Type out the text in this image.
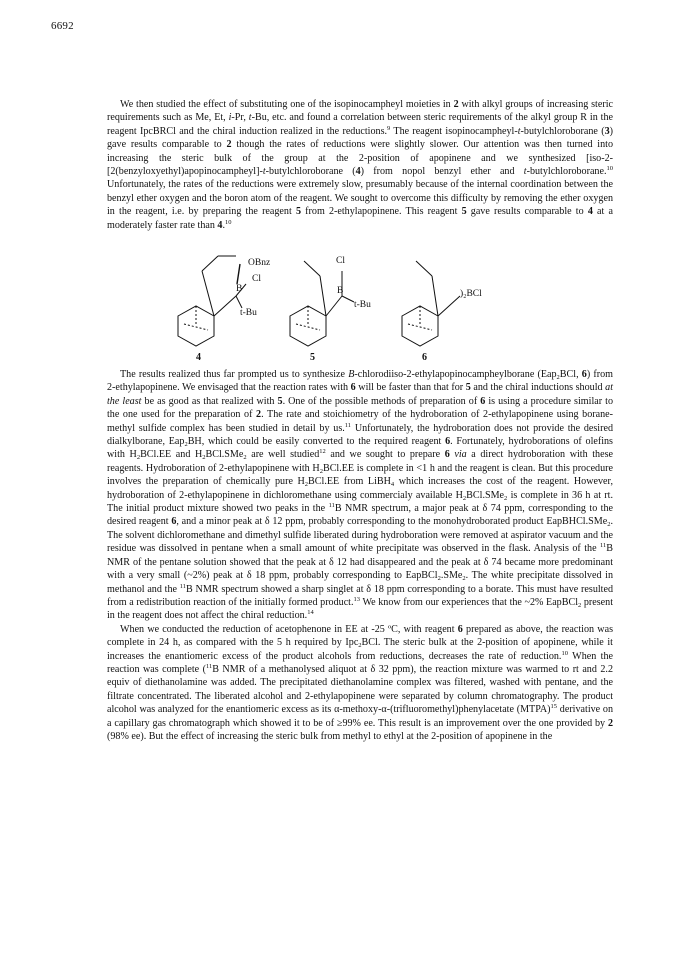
6692

We then studied the effect of substituting one of the isopinocampheyl moieties in 2 with alkyl groups of increasing steric requirements such as Me, Et, i-Pr, t-Bu, etc. and found a correlation between steric requirements of the alkyl group R in the reagent IpcBRCl and the chiral induction realized in the reductions.$^9$ The reagent isopinocampheyl-t-butylchloroborane (3) gave results comparable to 2 though the rates of reductions were slightly slower. Our attention was then turned into increasing the steric bulk of the group at the 2-position of apopinene and we synthesized [iso-2-[2(benzyloxyethyl)apopinocampheyl]-t-butylchloroborane (4) from nopol benzyl ether and t-butylchloroborane.$^{10}$ Unfortunately, the rates of the reductions were extremely slow, presumably because of the internal coordination between the benzyl ether oxygen and the boron atom of the reagent. We sought to overcome this difficulty by removing the ether oxygen in the reagent, i.e. by preparing the reagent 5 from 2-ethylapopinene. This reagent 5 gave results comparable to 4 at a moderately faster rate than 4.10

OBnz
B
Cl
t-Bu
Cl
B
t-Bu
)₂BCl
4	5	6

The results realized thus far prompted us to synthesize B-chlorodiiso-2-ethylapopinocampheylborane (Eap$_2$BCl, 6) from 2-ethylapopinene. We envisaged that the reaction rates with 6 will be faster than that for 5 and the chiral inductions should at the least be as good as that realized with 5. One of the possible methods of preparation of 6 is using a procedure similar to the one used for the preparation of 2. The rate and stoichiometry of the hydroboration of 2-ethylapopinene using borane-methyl sulfide complex has been studied in detail by us.$^{11}$ Unfortunately, the hydroboration does not provide the desired dialkylborane, Eap$_2$BH, which could be easily converted to the required reagent 6. Fortunately, hydroborations of olefins with $H_2BCl.EE$ and $H_2BCl.SMe_2$ are well studied$^{12}$ and we sought to prepare 6 via a direct hydroboration with these reagents. Hydroboration of 2-ethylapopinene with $H_2BCl.EE$ is complete in <1 h and the reagent is clean. But this procedure involves the preparation of chemically pure $H_2BCl.EE$ from LiBH$_4$ which increases the cost of the reagent. However, hydroboration of 2-ethylapopinene in dichloromethane using commercialy available $H_2BCl.SMe_2$ is complete in 36 h at rt. The initial product mixture showed two peaks in the $^{11}$B NMR spectrum, a major peak at δ 74 ppm, corresponding to the desired reagent 6, and a minor peak at δ 12 ppm, probably corresponding to the monohydroborated product EapBHCl.SMe$_2$. The solvent dichloromethane and dimethyl sulfide liberated during hydroboration were removed at aspirator vacuum and the residue was dissolved in pentane when a small amount of white precipitate was observed in the flask. Analysis of the $^{11}$B NMR of the pentane solution showed that the peak at δ 12 had disappeared and the peak at δ 74 became more predominant with a very small (~2%) peak at δ 18 ppm, probably corresponding to EapBCl$_2$.SMe$_2$. The white precipitate dissolved in methanol and the $^{11}$B NMR spectrum showed a sharp singlet at δ 18 ppm corresponding to a borate. This must have resulted from a redistribution reaction of the initially formed product.$^{13}$ We know from our experiences that the ~2% EapBCl$_2$ present in the reagent does not affect the chiral reduction.$^{14}$

When we conducted the reduction of acetophenone in EE at -25 ºC, with reagent 6 prepared as above, the reaction was complete in 24 h, as compared with the 5 h required by Ipc$_2$BCl. The steric bulk at the 2-position of apopinene, while it increases the enantiomeric excess of the product alcohols from reductions, decreases the rate of reduction.$^{10}$ When the reaction was complete ($^{11}$B NMR of a methanolysed aliquot at δ 32 ppm), the reaction mixture was warmed to rt and 2.2 equiv of diethanolamine was added. The precipitated diethanolamine complex was filtered, washed with pentane, and the filtrate concentrated. The liberated alcohol and 2-ethylapopinene were separated by column chromatography. The product alcohol was analyzed for the enantiomeric excess as its α-methoxy-α-(trifluoromethyl)phenylacetate (MTPA)$^{15}$ derivative on a capillary gas chromatograph which showed it to be of ≥99% ee. This result is an improvement over the one provided by 2 (98% ee). But the effect of increasing the steric bulk from methyl to ethyl at the 2-position of apopinene in the
